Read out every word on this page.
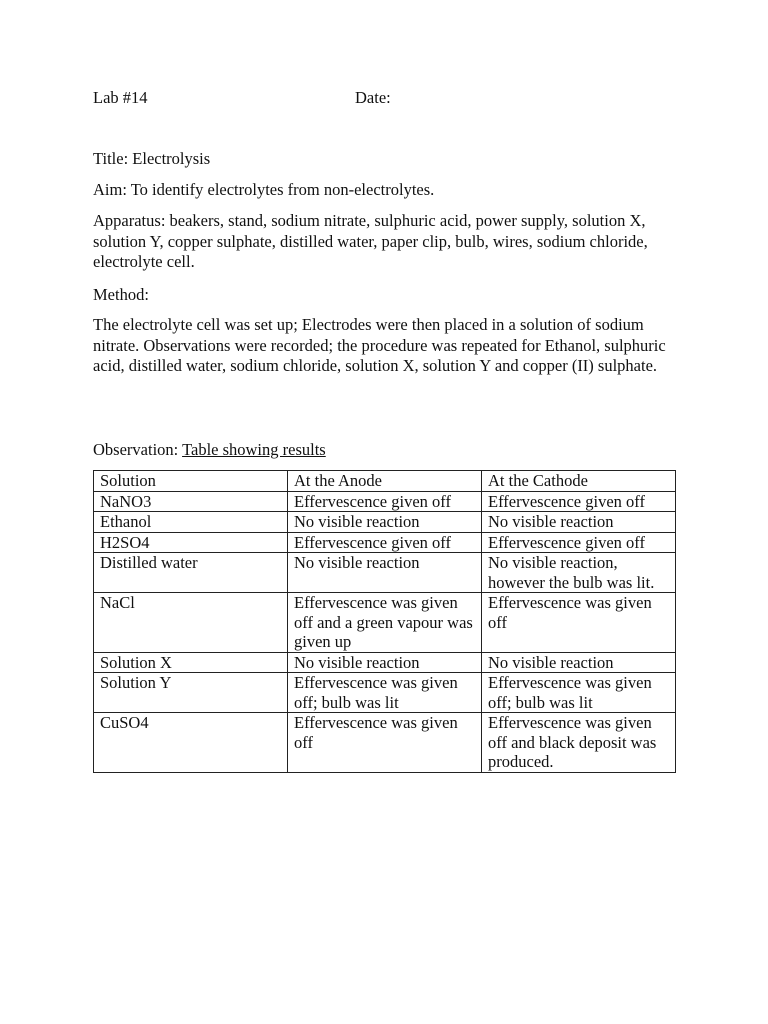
Lab #14	Date:

Title: Electrolysis

Aim: To identify electrolytes from non-electrolytes.

Apparatus: beakers, stand, sodium nitrate, sulphuric acid, power supply, solution X, solution Y, copper sulphate, distilled water, paper clip, bulb, wires, sodium chloride, electrolyte cell.

Method:

The electrolyte cell was set up; Electrodes were then placed in a solution of sodium nitrate. Observations were recorded; the procedure was repeated for Ethanol, sulphuric acid, distilled water, sodium chloride, solution X, solution Y and copper (II) sulphate.

Observation: Table showing results

Solution	At the Anode	At the Cathode
NaNO3	Effervescence given off	Effervescence given off
Ethanol	No visible reaction	No visible reaction
H2SO4	Effervescence given off	Effervescence given off
Distilled water	No visible reaction	No visible reaction, however the bulb was lit.
NaCl	Effervescence was given off and a green vapour was given up	Effervescence was given off
Solution X	No visible reaction	No visible reaction
Solution Y	Effervescence was given off; bulb was lit	Effervescence was given off; bulb was lit
CuSO4	Effervescence was given off	Effervescence was given off and black deposit was produced.
